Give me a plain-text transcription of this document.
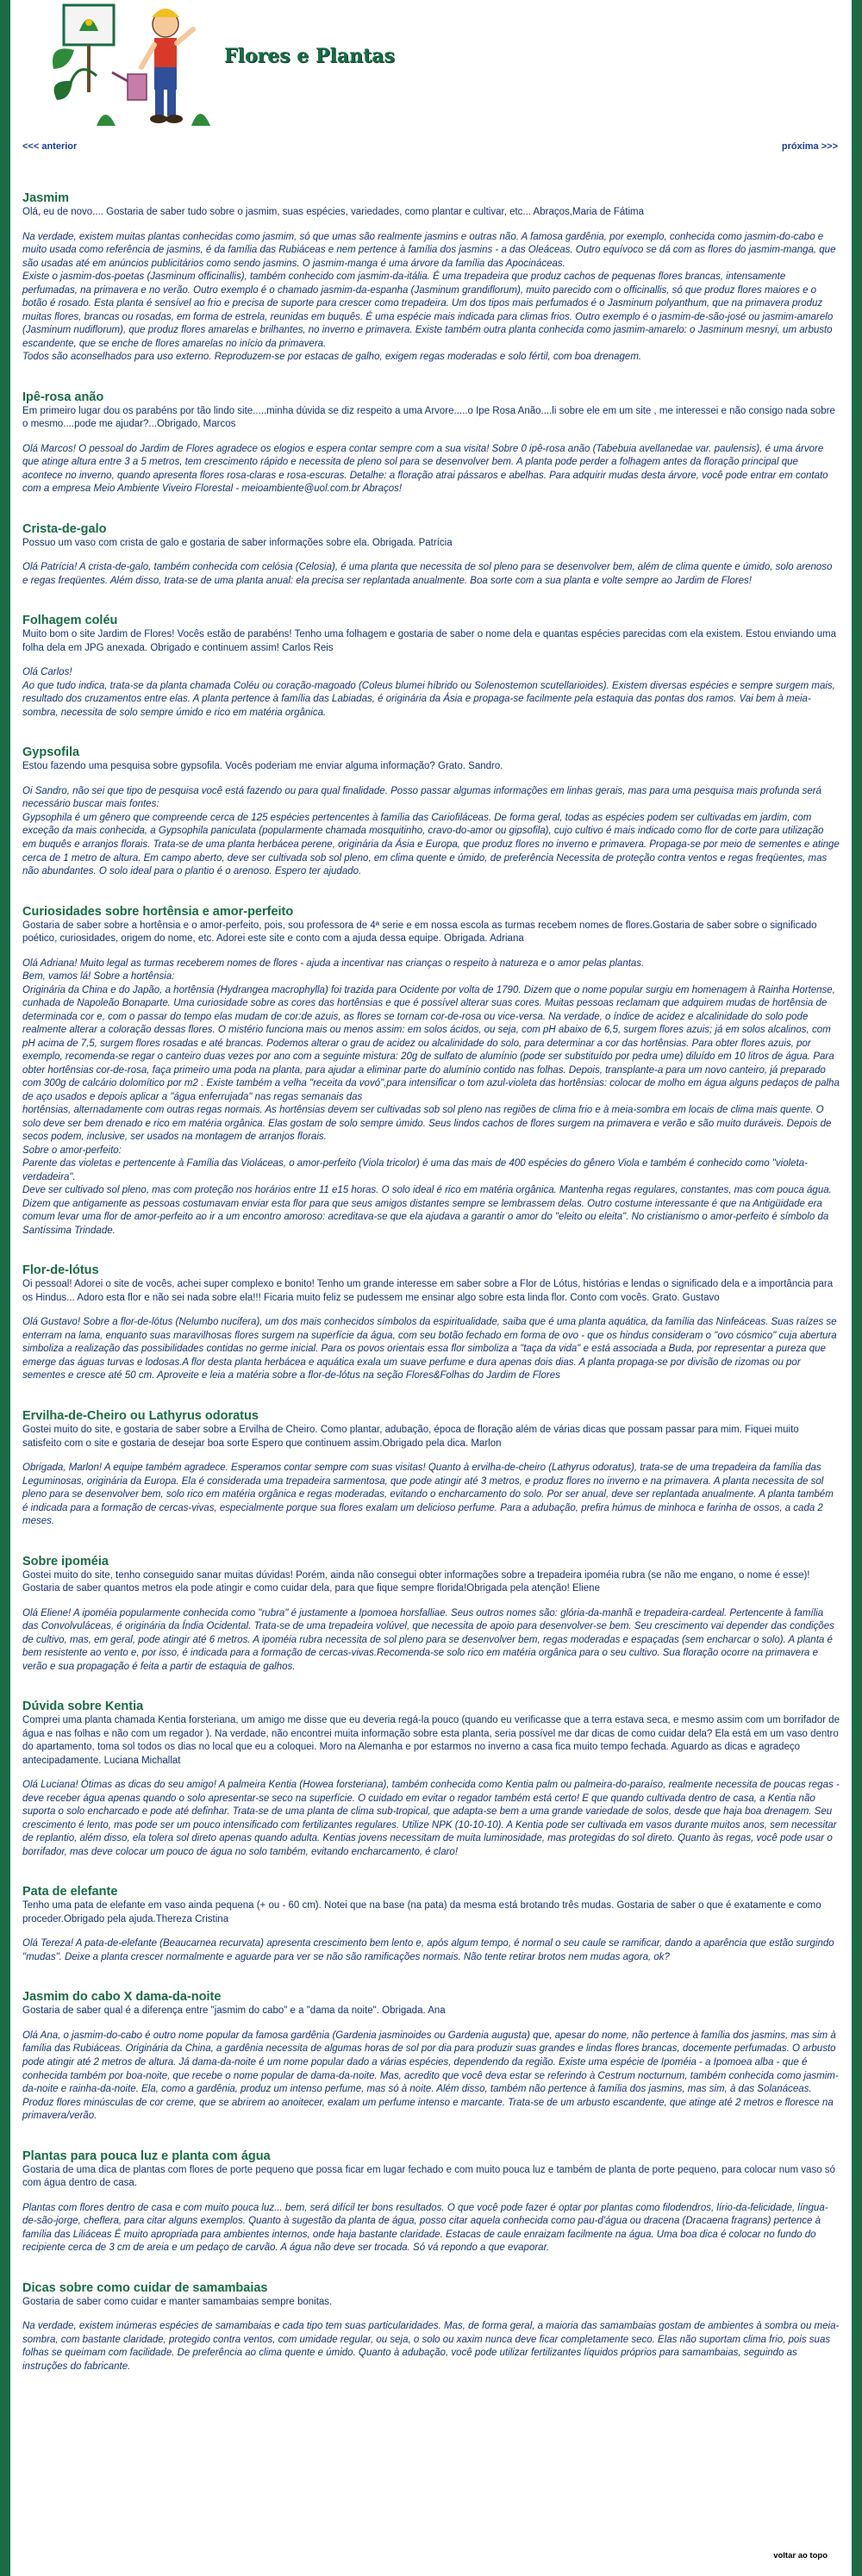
Flores e Plantas
<<< anterior	próxima >>>
Jasmim

Olá, eu de novo.... Gostaria de saber tudo sobre o jasmim, suas espécies, variedades, como plantar e cultivar, etc... Abraços,Maria de Fátima

Na verdade, existem muitas plantas conhecidas como jasmim, só que umas são realmente jasmins e outras não. A famosa gardênia, por exemplo, conhecida como jasmim-do-cabo e muito usada como referência de jasmins, é da família das Rubiáceas e nem pertence à família dos jasmins - a das Oleáceas. Outro equívoco se dá com as flores do jasmim-manga, que são usadas até em anúncios publicitários como sendo jasmins. O jasmim-manga é uma árvore da família das Apocináceas.
Existe o jasmim-dos-poetas (Jasminum officinallis), também conhecido com jasmim-da-itália. É uma trepadeira que produz cachos de pequenas flores brancas, intensamente perfumadas, na primavera e no verão. Outro exemplo é o chamado jasmim-da-espanha (Jasminum grandiflorum), muito parecido com o officinallis, só que produz flores maiores e o botão é rosado. Esta planta é sensível ao frio e precisa de suporte para crescer como trepadeira. Um dos tipos mais perfumados é o Jasminum polyanthum, que na primavera produz muitas flores, brancas ou rosadas, em forma de estrela, reunidas em buquês. É uma espécie mais indicada para climas frios. Outro exemplo é o jasmim-de-são-josé ou jasmim-amarelo (Jasminum nudiflorum), que produz flores amarelas e brilhantes, no inverno e primavera. Existe também outra planta conhecida como jasmim-amarelo: o Jasminum mesnyi, um arbusto escandente, que se enche de flores amarelas no início da primavera.
Todos são aconselhados para uso externo. Reproduzem-se por estacas de galho, exigem regas moderadas e solo fértil, com boa drenagem.

Ipê-rosa anão

Em primeiro lugar dou os parabéns por tão lindo site.....minha dúvida se diz respeito a uma Arvore.....o Ipe Rosa Anão....li sobre ele em um site , me interessei e não consigo nada sobre o mesmo....pode me ajudar?...Obrigado, Marcos

Olá Marcos! O pessoal do Jardim de Flores agradece os elogios e espera contar sempre com a sua visita! Sobre 0 ipê-rosa anão (Tabebuia avellanedae var. paulensis), é uma árvore que atinge altura entre 3 a 5 metros, tem crescimento rápido e necessita de pleno sol para se desenvolver bem. A planta pode perder a folhagem antes da floração principal que acontece no inverno, quando apresenta flores rosa-claras e rosa-escuras. Detalhe: a floração atrai pássaros e abelhas. Para adquirir mudas desta árvore, você pode entrar em contato com a empresa Meio Ambiente Viveiro Florestal - meioambiente@uol.com.br Abraços!

Crista-de-galo

Possuo um vaso com crista de galo e gostaria de saber informações sobre ela. Obrigada. Patrícia

Olá Patrícia! A crista-de-galo, também conhecida com celósia (Celosia), é uma planta que necessita de sol pleno para se desenvolver bem, além de clima quente e úmido, solo arenoso e regas freqüentes. Além disso, trata-se de uma planta anual: ela precisa ser replantada anualmente. Boa sorte com a sua planta e volte sempre ao Jardim de Flores!

Folhagem coléu

Muito bom o site Jardim de Flores! Vocês estão de parabéns! Tenho uma folhagem e gostaria de saber o nome dela e quantas espécies parecidas com ela existem. Estou enviando uma folha dela em JPG anexada. Obrigado e continuem assim! Carlos Reis

Olá Carlos!
Ao que tudo indica, trata-se da planta chamada Coléu ou coração-magoado (Coleus blumei híbrido ou Solenostemon scutellarioides). Existem diversas espécies e sempre surgem mais, resultado dos cruzamentos entre elas. A planta pertence à família das Labiadas, é originária da Ásia e propaga-se facilmente pela estaquia das pontas dos ramos. Vai bem à meia-sombra, necessita de solo sempre úmido e rico em matéria orgânica.

Gypsofila

Estou fazendo uma pesquisa sobre gypsofila. Vocês poderiam me enviar alguma informação? Grato. Sandro.

Oi Sandro, não sei que tipo de pesquisa você está fazendo ou para qual finalidade. Posso passar algumas informações em linhas gerais, mas para uma pesquisa mais profunda será necessário buscar mais fontes:
Gypsophila é um gênero que compreende cerca de 125 espécies pertencentes à família das Cariofiláceas. De forma geral, todas as espécies podem ser cultivadas em jardim, com exceção da mais conhecida, a Gypsophila paniculata (popularmente chamada mosquitinho, cravo-do-amor ou gipsofila), cujo cultivo é mais indicado como flor de corte para utilização em buquês e arranjos florais. Trata-se de uma planta herbácea perene, originária da Ásia e Europa, que produz flores no inverno e primavera. Propaga-se por meio de sementes e atinge cerca de 1 metro de altura. Em campo aberto, deve ser cultivada sob sol pleno, em clima quente e úmido, de preferência Necessita de proteção contra ventos e regas freqüentes, mas não abundantes. O solo ideal para o plantio é o arenoso. Espero ter ajudado.

Curiosidades sobre hortênsia e amor-perfeito

Gostaria de saber sobre a hortênsia e o amor-perfeito, pois, sou professora de 4ª serie e em nossa escola as turmas recebem nomes de flores.Gostaria de saber sobre o significado poético, curiosidades, origem do nome, etc. Adorei este site e conto com a ajuda dessa equipe. Obrigada. Adriana

Olá Adriana! Muito legal as turmas receberem nomes de flores - ajuda a incentivar nas crianças o respeito à natureza e o amor pelas plantas.
Bem, vamos lá! Sobre a hortênsia:
Originária da China e do Japão, a hortênsia (Hydrangea macrophylla) foi trazida para Ocidente por volta de 1790. Dizem que o nome popular surgiu em homenagem à Rainha Hortense, cunhada de Napoleão Bonaparte. Uma curiosidade sobre as cores das hortênsias e que é possível alterar suas cores. Muitas pessoas reclamam que adquirem mudas de hortênsia de determinada cor e, com o passar do tempo elas mudam de cor:de azuis, as flores se tornam cor-de-rosa ou vice-versa. Na verdade, o índice de acidez e alcalinidade do solo pode realmente alterar a coloração dessas flores. O mistério funciona mais ou menos assim: em solos ácidos, ou seja, com pH abaixo de 6,5, surgem flores azuis; já em solos alcalinos, com pH acima de 7,5, surgem flores rosadas e até brancas. Podemos alterar o grau de acidez ou alcalinidade do solo, para determinar a cor das hortênsias. Para obter flores azuis, por exemplo, recomenda-se regar o canteiro duas vezes por ano com a seguinte mistura: 20g de sulfato de alumínio (pode ser substituído por pedra ume) diluído em 10 litros de água. Para obter hortênsias cor-de-rosa, faça primeiro uma poda na planta, para ajudar a eliminar parte do alumínio contido nas folhas. Depois, transplante-a para um novo canteiro, já preparado com 300g de calcário dolomítico por m2 . Existe também a velha "receita da vovó",para intensificar o tom azul-violeta das hortênsias: colocar de molho em água alguns pedaços de palha de aço usados e depois aplicar a "água enferrujada" nas regas semanais das
hortênsias, alternadamente com outras regas normais. As hortênsias devem ser cultivadas sob sol pleno nas regiões de clima frio e à meia-sombra em locais de clima mais quente. O solo deve ser bem drenado e rico em matéria orgânica. Elas gostam de solo sempre úmido. Seus lindos cachos de flores surgem na primavera e verão e são muito duráveis. Depois de secos podem, inclusive, ser usados na montagem de arranjos florais.
Sobre o amor-perfeito:
Parente das violetas e pertencente à Família das Violáceas, o amor-perfeito (Viola tricolor) é uma das mais de 400 espécies do gênero Viola e também é conhecido como "violeta-verdadeira".
Deve ser cultivado sol pleno, mas com proteção nos horários entre 11 e15 horas. O solo ideal é rico em matéria orgânica. Mantenha regas regulares, constantes, mas com pouca água.
Dizem que antigamente as pessoas costumavam enviar esta flor para que seus amigos distantes sempre se lembrassem delas. Outro costume interessante é que na Antigüidade era comum levar uma flor de amor-perfeito ao ir a um encontro amoroso: acreditava-se que ela ajudava a garantir o amor do "eleito ou eleita". No cristianismo o amor-perfeito é símbolo da Santíssima Trindade.

Flor-de-lótus

Oi pessoal! Adorei o site de vocês, achei super complexo e bonito! Tenho um grande interesse em saber sobre a Flor de Lótus, histórias e lendas o significado dela e a importância para os Hindus... Adoro esta flor e não sei nada sobre ela!!! Ficaria muito feliz se pudessem me ensinar algo sobre esta linda flor. Conto com vocês. Grato. Gustavo

Olá Gustavo! Sobre a flor-de-lótus (Nelumbo nucifera), um dos mais conhecidos símbolos da espiritualidade, saiba que é uma planta aquática, da família das Ninfeáceas. Suas raízes se enterram na lama, enquanto suas maravilhosas flores surgem na superfície da água, com seu botão fechado em forma de ovo - que os hindus consideram o "ovo cósmico" cuja abertura simboliza a realização das possibilidades contidas no germe inicial. Para os povos orientais essa flor simboliza a "taça da vida" e está associada a Buda, por representar a pureza que emerge das águas turvas e lodosas.A flor desta planta herbácea e aquática exala um suave perfume e dura apenas dois dias. A planta propaga-se por divisão de rizomas ou por sementes e cresce até 50 cm. Aproveite e leia a matéria sobre a flor-de-lótus na seção Flores&Folhas do Jardim de Flores

Ervilha-de-Cheiro ou Lathyrus odoratus

Gostei muito do site, e gostaria de saber sobre a Ervilha de Cheiro. Como plantar, adubação, época de floração além de várias dicas que possam passar para mim. Fiquei muito satisfeito com o site e gostaria de desejar boa sorte Espero que continuem assim.Obrigado pela dica. Marlon

Obrigada, Marlon! A equipe também agradece. Esperamos contar sempre com suas visitas! Quanto à ervilha-de-cheiro (Lathyrus odoratus), trata-se de uma trepadeira da família das Leguminosas, originária da Europa. Ela é considerada uma trepadeira sarmentosa, que pode atingir até 3 metros, e produz flores no inverno e na primavera. A planta necessita de sol pleno para se desenvolver bem, solo rico em matéria orgânica e regas moderadas, evitando o encharcamento do solo. Por ser anual, deve ser replantada anualmente. A planta também é indicada para a formação de cercas-vivas, especialmente porque sua flores exalam um delicioso perfume. Para a adubação, prefira húmus de minhoca e farinha de ossos, a cada 2 meses.

Sobre ipoméia

Gostei muito do site, tenho conseguido sanar muitas dúvidas! Porém, ainda não consegui obter informações sobre a trepadeira ipoméia rubra (se não me engano, o nome é esse)! Gostaria de saber quantos metros ela pode atingir e como cuidar dela, para que fique sempre florida!Obrigada pela atenção! Eliene

Olá Eliene! A ipoméia popularmente conhecida como "rubra" é justamente a Ipomoea horsfalliae. Seus outros nomes são: glória-da-manhã e trepadeira-cardeal. Pertencente à família das Convolvuláceas, é originária da Índia Ocidental. Trata-se de uma trepadeira volúvel, que necessita de apoio para desenvolver-se bem. Seu crescimento vai depender das condições de cultivo, mas, em geral, pode atingir até 6 metros. A ipoméia rubra necessita de sol pleno para se desenvolver bem, regas moderadas e espaçadas (sem encharcar o solo). A planta é bem resistente ao vento e, por isso, é indicada para a formação de cercas-vivas.Recomenda-se solo rico em matéria orgânica para o seu cultivo. Sua floração ocorre na primavera e verão e sua propagação é feita a partir de estaquia de galhos.

Dúvida sobre Kentia

Comprei uma planta chamada Kentia forsteriana, um amigo me disse que eu deveria regá-la pouco (quando eu verificasse que a terra estava seca, e mesmo assim com um borrifador de água e nas folhas e não com um regador ). Na verdade, não encontrei muita informação sobre esta planta, seria possível me dar dicas de como cuidar dela? Ela está em um vaso dentro do apartamento, toma sol todos os dias no local que eu a coloquei. Moro na Alemanha e por estarmos no inverno a casa fica muito tempo fechada. Aguardo as dicas e agradeço antecipadamente. Luciana Michallat

Olá Luciana! Ótimas as dicas do seu amigo! A palmeira Kentia (Howea forsteriana), também conhecida como Kentia palm ou palmeira-do-paraíso, realmente necessita de poucas regas - deve receber água apenas quando o solo apresentar-se seco na superfície. O cuidado em evitar o regador também está certo! E que quando cultivada dentro de casa, a Kentia não suporta o solo encharcado e pode até definhar. Trata-se de uma planta de clima sub-tropical, que adapta-se bem a uma grande variedade de solos, desde que haja boa drenagem. Seu crescimento é lento, mas pode ser um pouco intensificado com fertilizantes regulares. Utilize NPK (10-10-10). A Kentia pode ser cultivada em vasos durante muitos anos, sem necessitar de replantio, além disso, ela tolera sol direto apenas quando adulta. Kentias jovens necessitam de muita luminosidade, mas protegidas do sol direto. Quanto às regas, você pode usar o borrifador, mas deve colocar um pouco de água no solo também, evitando encharcamento, é claro!

Pata de elefante

Tenho uma pata de elefante em vaso ainda pequena (+ ou - 60 cm). Notei que na base (na pata) da mesma está brotando três mudas. Gostaria de saber o que é exatamente e como proceder.Obrigado pela ajuda.Thereza Cristina

Olá Tereza! A pata-de-elefante (Beaucarnea recurvata) apresenta crescimento bem lento e, após algum tempo, é normal o seu caule se ramificar, dando a aparência que estão surgindo "mudas". Deixe a planta crescer normalmente e aguarde para ver se não são ramificações normais. Não tente retirar brotos nem mudas agora, ok?

Jasmim do cabo X dama-da-noite

Gostaria de saber qual é a diferença entre "jasmim do cabo" e a "dama da noite". Obrigada. Ana

Olá Ana, o jasmim-do-cabo é outro nome popular da famosa gardênia (Gardenia jasminoides ou Gardenia augusta) que, apesar do nome, não pertence à família dos jasmins, mas sim à família das Rubiáceas. Originária da China, a gardênia necessita de algumas horas de sol por dia para produzir suas grandes e lindas flores brancas, docemente perfumadas. O arbusto pode atingir até 2 metros de altura. Já dama-da-noite é um nome popular dado a várias espécies, dependendo da região. Existe uma espécie de Ipoméia - a Ipomoea alba - que é conhecida também por boa-noite, que recebe o nome popular de dama-da-noite. Mas, acredito que você deva estar se referindo à Cestrum nocturnum, também conhecida como jasmim-da-noite e rainha-da-noite. Ela, como a gardênia, produz um intenso perfume, mas só à noite. Além disso, também não pertence à família dos jasmins, mas sim, à das Solanáceas. Produz flores minúsculas de cor creme, que se abrirem ao anoitecer, exalam um perfume intenso e marcante. Trata-se de um arbusto escandente, que atinge até 2 metros e floresce na primavera/verão.

Plantas para pouca luz e planta com água

Gostaria de uma dica de plantas com flores de porte pequeno que possa ficar em lugar fechado e com muito pouca luz e também de planta de porte pequeno, para colocar num vaso só com água dentro de casa.

Plantas com flores dentro de casa e com muito pouca luz... bem, será difícil ter bons resultados. O que você pode fazer é optar por plantas como filodendros, lírio-da-felicidade, língua-de-são-jorge, cheflera, para citar alguns exemplos. Quanto à sugestão da planta de água, posso citar aquela conhecida como pau-d'água ou dracena (Dracaena fragrans) pertence à família das Liliáceas É muito apropriada para ambientes internos, onde haja bastante claridade. Estacas de caule enraizam facilmente na água. Uma boa dica é colocar no fundo do recipiente cerca de 3 cm de areia e um pedaço de carvão. A água não deve ser trocada. Só vá repondo a que evaporar.

Dicas sobre como cuidar de samambaias

Gostaria de saber como cuidar e manter samambaias sempre bonitas.

Na verdade, existem inúmeras espécies de samambaias e cada tipo tem suas particularidades. Mas, de forma geral, a maioria das samambaias gostam de ambientes à sombra ou meia-sombra, com bastante claridade, protegido contra ventos, com umidade regular, ou seja, o solo ou xaxim nunca deve ficar completamente seco. Elas não suportam clima frio, pois suas folhas se queimam com facilidade. De preferência ao clima quente e úmido. Quanto à adubação, você pode utilizar fertilizantes líquidos próprios para samambaias, seguindo as instruções do fabricante.

voltar ao topo
